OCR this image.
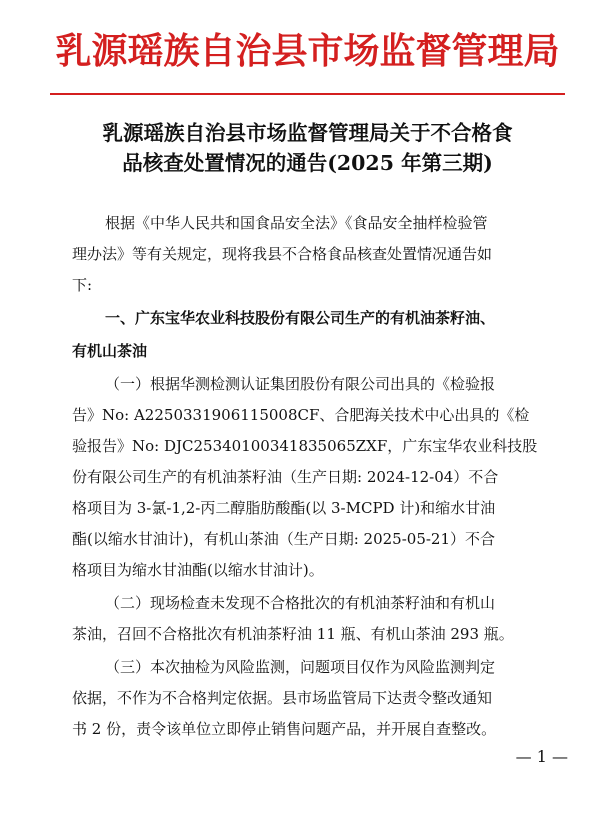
乳源瑶族自治县市场监督管理局
乳源瑶族自治县市场监督管理局关于不合格食
品核查处置情况的通告(2025 年第三期)
根据《中华人民共和国食品安全法》《食品安全抽样检验管
理办法》等有关规定，现将我县不合格食品核查处置情况通告如
下:
一、广东宝华农业科技股份有限公司生产的有机油茶籽油、
有机山茶油
（一）根据华测检测认证集团股份有限公司出具的《检验报
告》No: A2250331906115008CF、合肥海关技术中心出具的《检
验报告》No: DJC25340100341835065ZXF，广东宝华农业科技股
份有限公司生产的有机油茶籽油（生产日期: 2024-12-04）不合
格项目为 3-氯-1,2-丙二醇脂肪酸酯(以 3-MCPD 计)和缩水甘油
酯(以缩水甘油计)，有机山茶油（生产日期: 2025-05-21）不合
格项目为缩水甘油酯(以缩水甘油计)。
（二）现场检查未发现不合格批次的有机油茶籽油和有机山
茶油，召回不合格批次有机油茶籽油 11 瓶、有机山茶油 293 瓶。
（三）本次抽检为风险监测，问题项目仅作为风险监测判定
依据，不作为不合格判定依据。县市场监管局下达责令整改通知
书 2 份，责令该单位立即停止销售问题产品，并开展自查整改。
— 1 —
